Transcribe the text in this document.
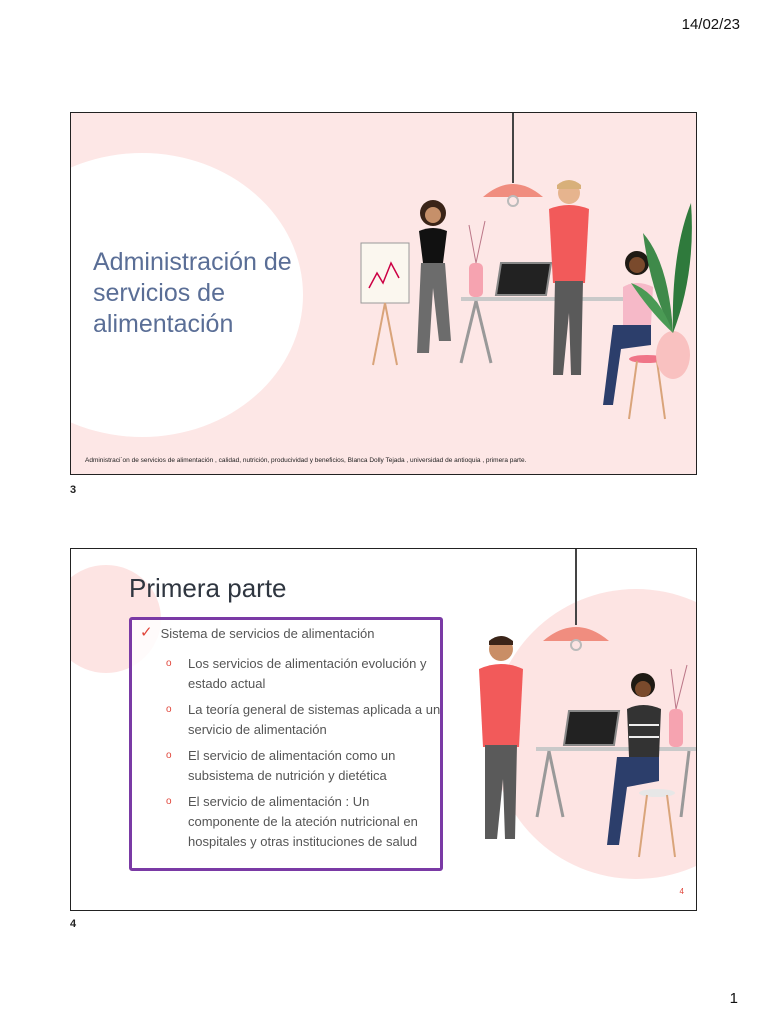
14/02/23
Administración de servicios de alimentación
Administraci´on de servicios de alimentación , calidad, nutrición, producividad y beneficios, Blanca Dolly Tejada , universidad de antioquia , primera parte.
3
Primera parte
✓ Sistema de servicios de alimentación
o	Los servicios de alimentación evolución y estado actual
o	La teoría general de sistemas aplicada a un servicio de alimentación
o	El servicio de alimentación como un subsistema de nutrición y dietética
o	El servicio de alimentación : Un componente de la ateción nutricional en hospitales y otras instituciones de salud
4
4
1
